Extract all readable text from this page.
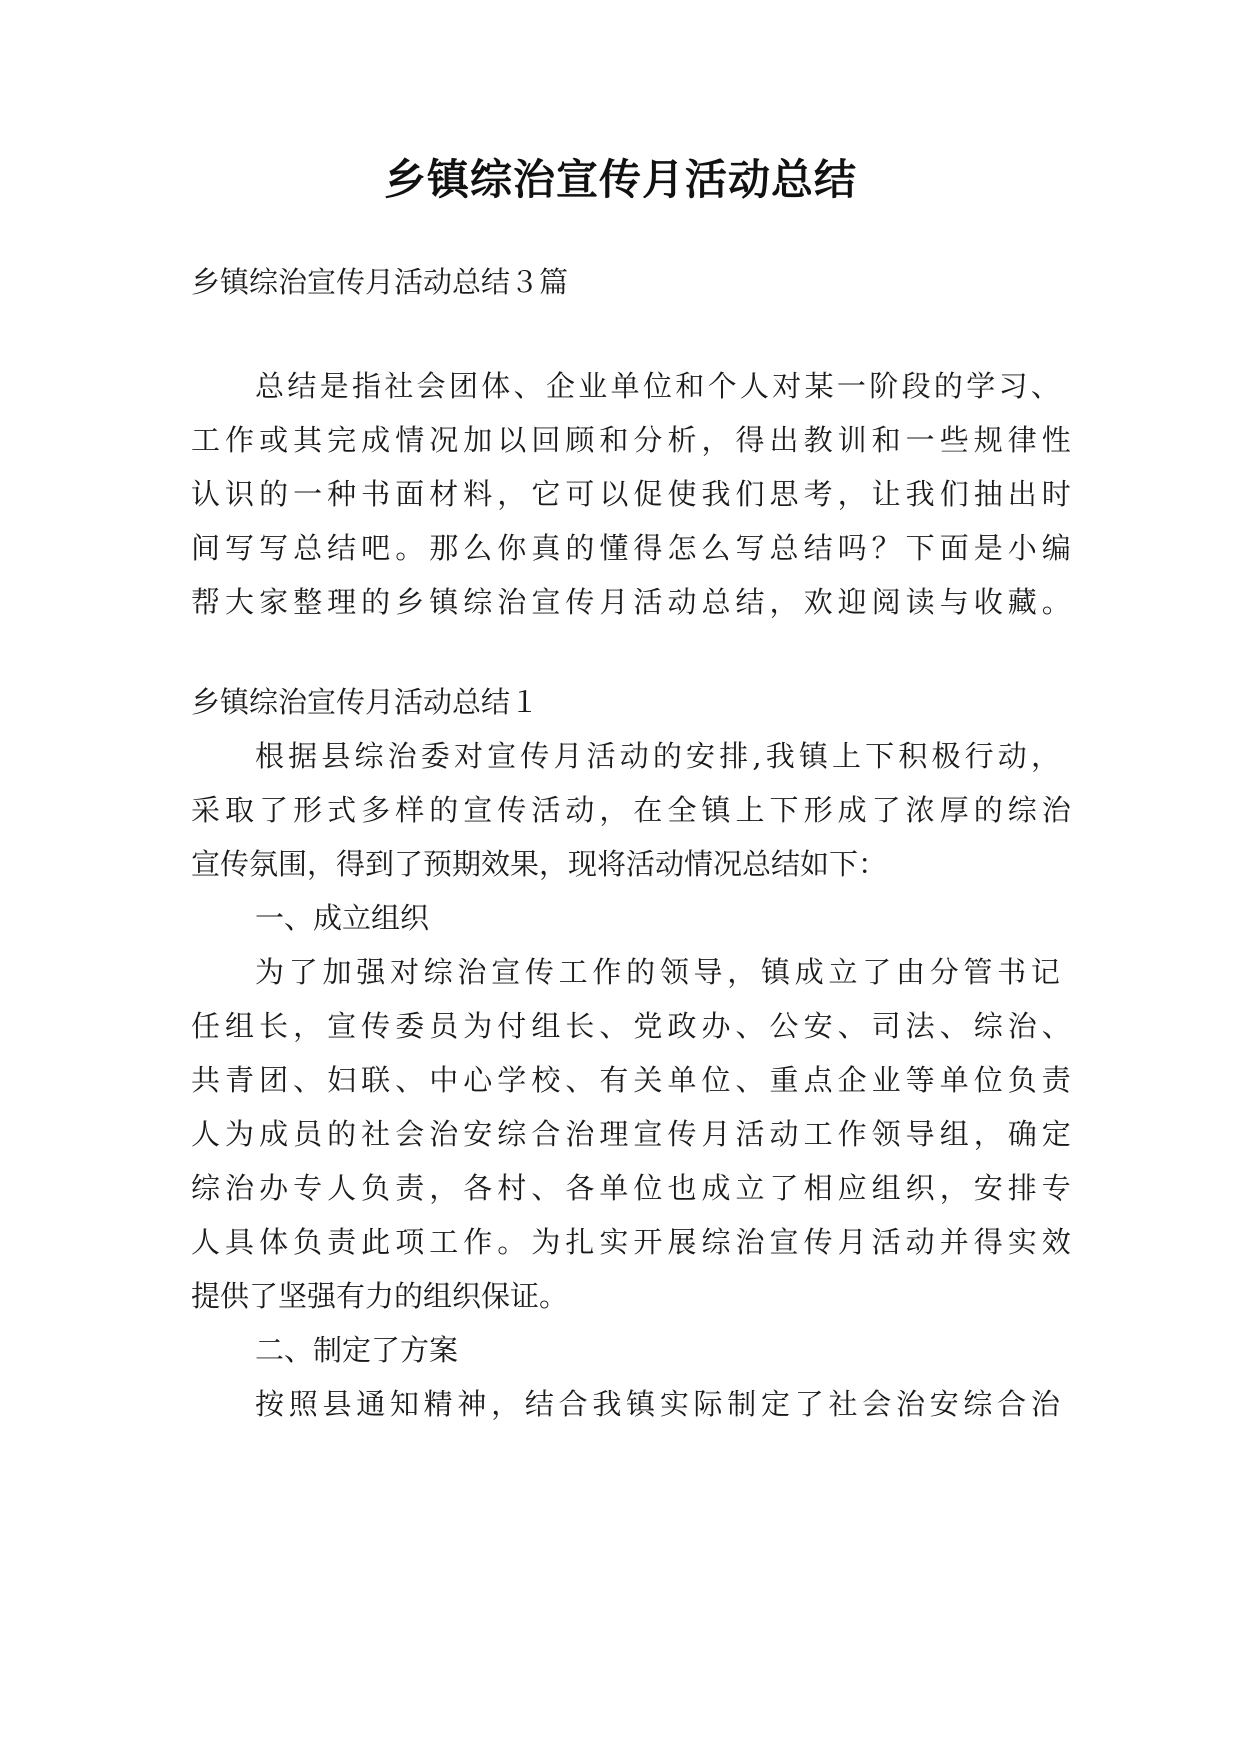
乡镇综治宣传月活动总结

乡镇综治宣传月活动总结３篇

总 结 是 指 社 会 团 体 、 企 业 单 位 和 个 人 对 某 一 阶 段 的 学 习 、

工 作 或 其 完 成 情 况 加 以 回 顾 和 分 析 ， 得 出 教 训 和 一 些 规 律 性

认 识 的 一 种 书 面 材 料 ， 它 可 以 促 使 我 们 思 考 ， 让 我 们 抽 出 时

间 写 写 总 结 吧 。 那 么 你 真 的 懂 得 怎 么 写 总 结 吗 ？ 下 面 是 小 编

帮 大 家 整 理 的 乡 镇 综 治 宣 传 月 活 动 总 结 ， 欢 迎 阅 读 与 收 藏 。

乡镇综治宣传月活动总结１

根 据 县 综 治 委 对 宣 传 月 活 动 的 安 排 , 我 镇 上 下 积 极 行 动 ，

采 取 了 形 式 多 样 的 宣 传 活 动 ， 在 全 镇 上 下 形 成 了 浓 厚 的 综 治

宣传氛围，得到了预期效果，现将活动情况总结如下：

一、成立组织

为 了 加 强 对 综 治 宣 传 工 作 的 领 导 ， 镇 成 立 了 由 分 管 书 记

任 组 长 ， 宣 传 委 员 为 付 组 长 、 党 政 办 、 公 安 、 司 法 、 综 治 、

共 青 团 、 妇 联 、 中 心 学 校 、 有 关 单 位 、 重 点 企 业 等 单 位 负 责

人 为 成 员 的 社 会 治 安 综 合 治 理 宣 传 月 活 动 工 作 领 导 组 ， 确 定

综 治 办 专 人 负 责 ， 各 村 、 各 单 位 也 成 立 了 相 应 组 织 ， 安 排 专

人 具 体 负 责 此 项 工 作 。 为 扎 实 开 展 综 治 宣 传 月 活 动 并 得 实 效

提供了坚强有力的组织保证。

二、制定了方案

按 照 县 通 知 精 神 ， 结 合 我 镇 实 际 制 定 了 社 会 治 安 综 合 治
